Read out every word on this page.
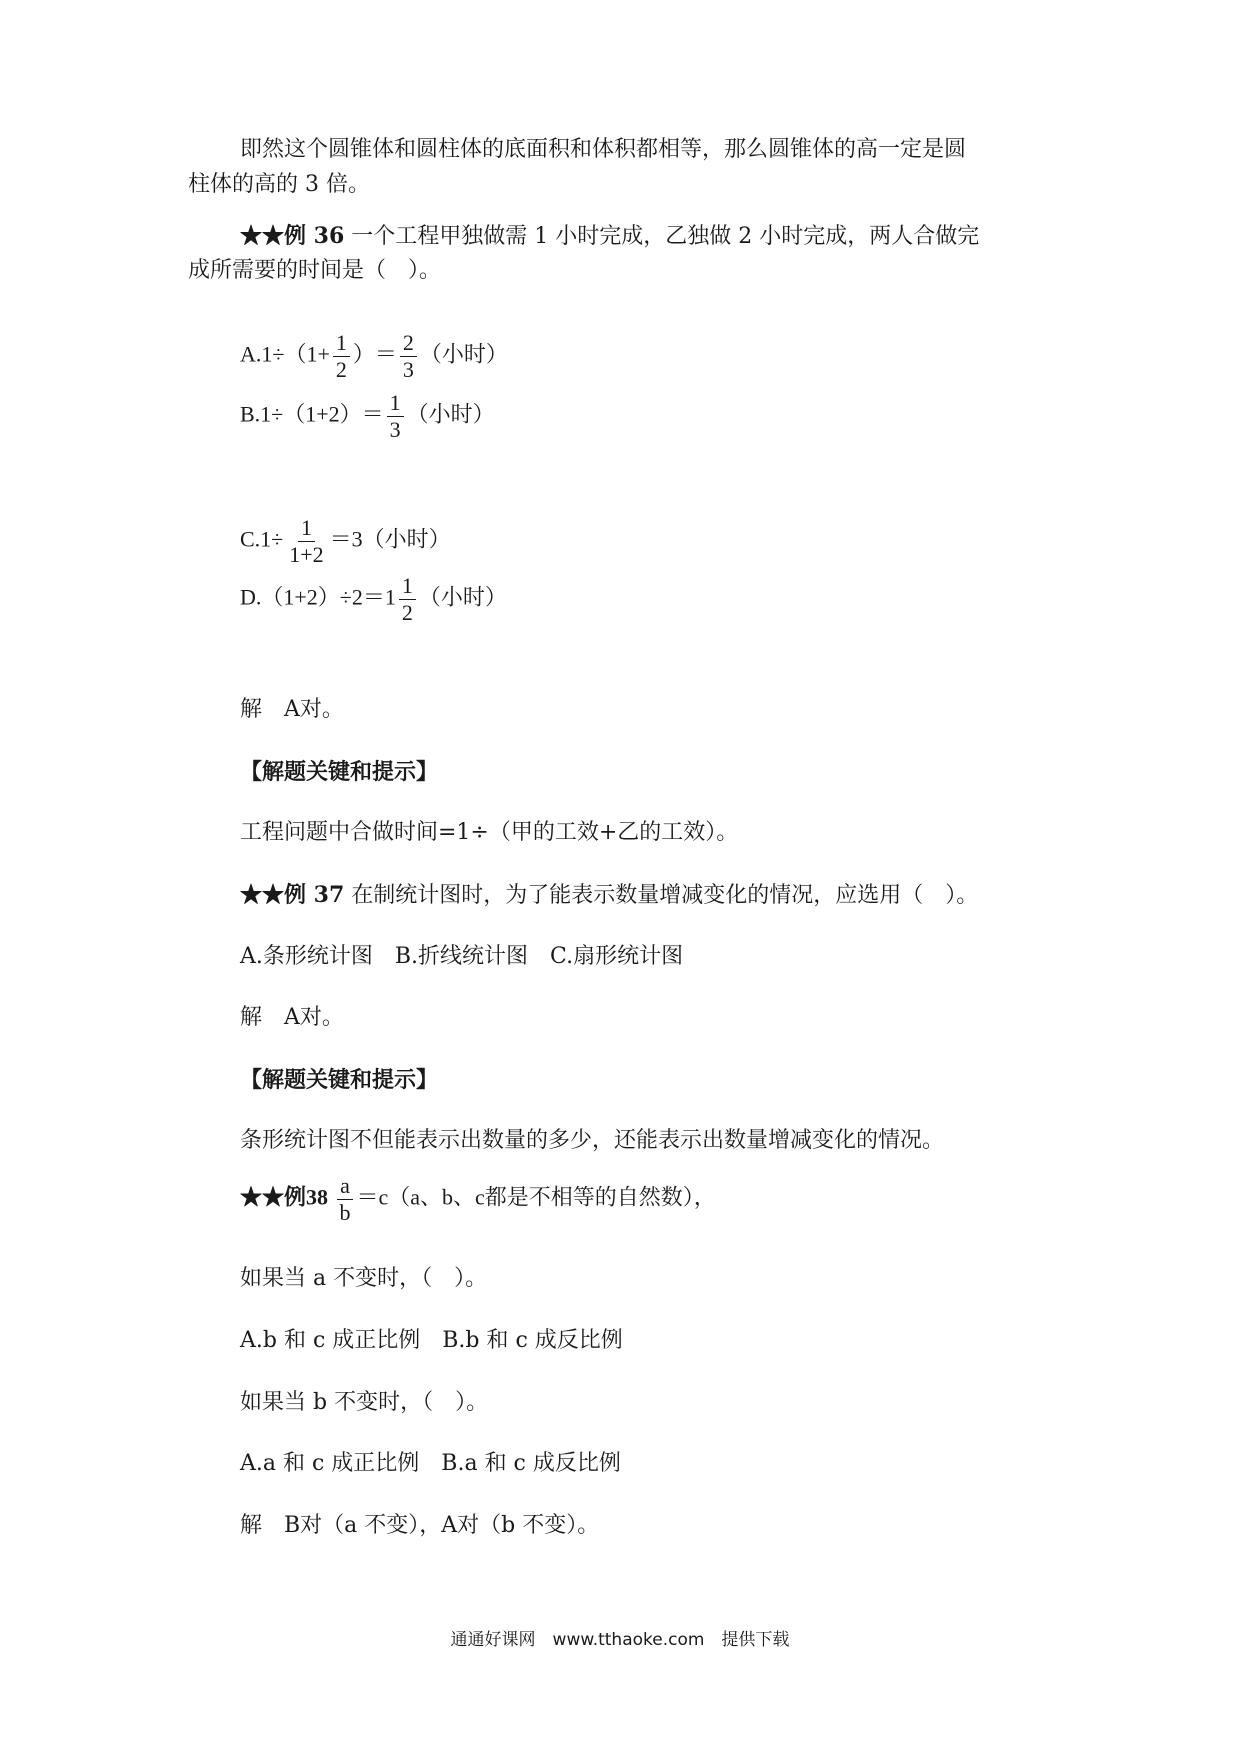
即然这个圆锥体和圆柱体的底面积和体积都相等，那么圆锥体的高一定是圆
柱体的高的 3 倍。
★★例 36 一个工程甲独做需 1 小时完成，乙独做 2 小时完成，两人合做完
成所需要的时间是（　）。
$A.1\div(1+ \frac{1}{2}$ ）＝ $\frac{2}{3}$ （小时）
$B.1\div(1+2)= \frac{1}{3}$ （小时）
$C.1\div \frac{1}{1+2} =3$（小时）
$D.(1+2)\div 2=1 \frac{1}{2}$ （小时）
解　A对。
【解题关键和提示】
工程问题中合做时间=1÷（甲的工效+乙的工效）。
★★例 37 在制统计图时，为了能表示数量增减变化的情况，应选用（　）。
A.条形统计图　B.折线统计图　C.扇形统计图
解　A对。
【解题关键和提示】
条形统计图不但能表示出数量的多少，还能表示出数量增减变化的情况。
★★例$38 \frac{a}{b} =c(a$、b、c都是不相等的自然数），
如果当 a 不变时，（　）。
A.b 和 c 成正比例　B.b 和 c 成反比例
如果当 b 不变时，（　）。
A.a 和 c 成正比例　B.a 和 c 成反比例
解　B对（a 不变），A对（b 不变）。
通通好课网　www.tthaoke.com　提供下载
